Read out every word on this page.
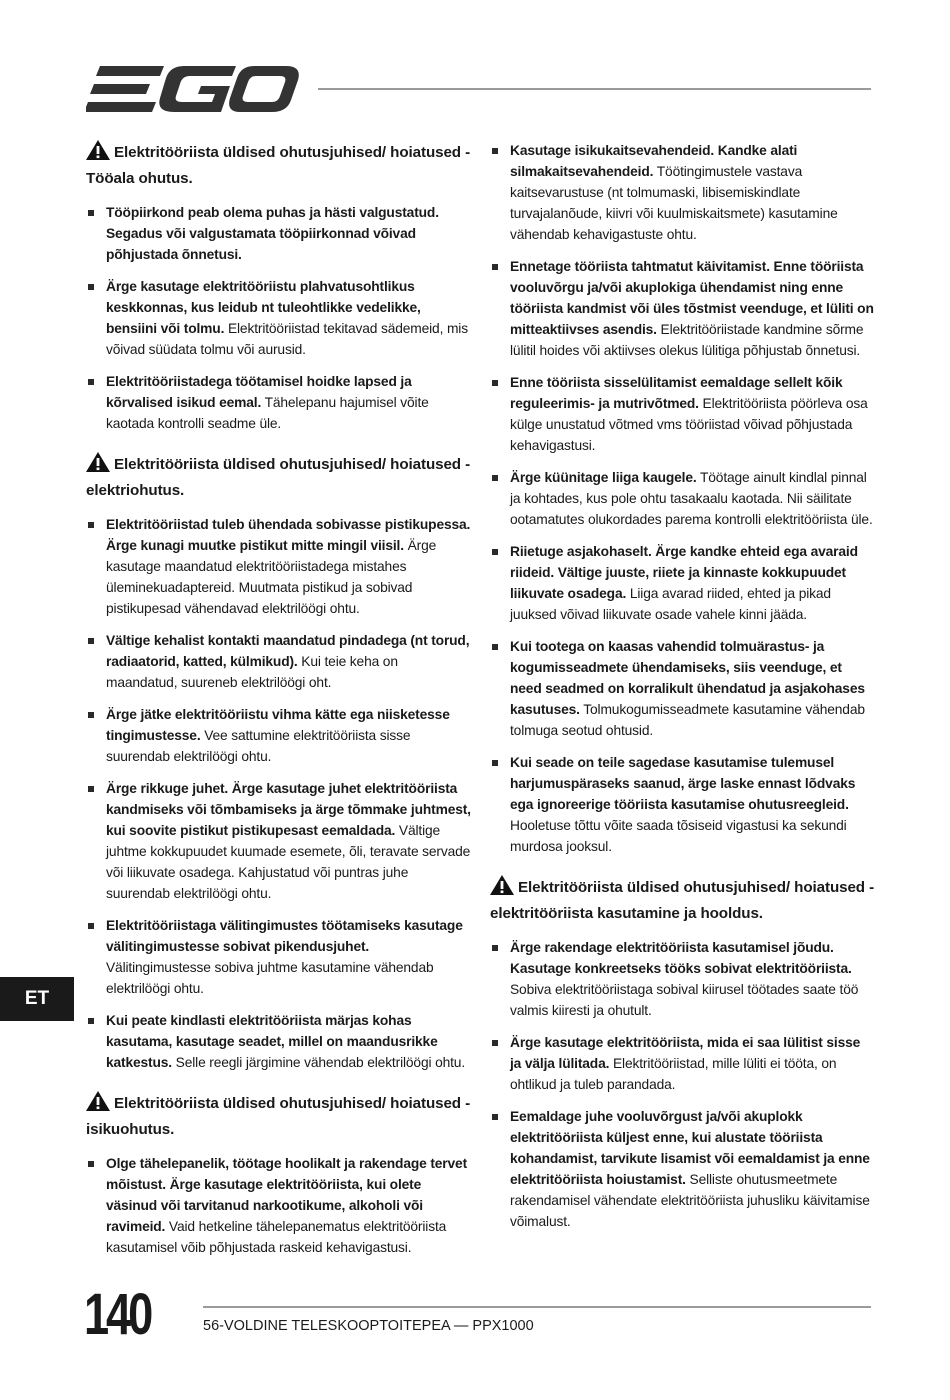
Elektritööriista üldised ohutusjuhised/ hoiatused - Tööala ohutus.
Tööpiirkond peab olema puhas ja hästi valgustatud. Segadus või valgustamata tööpiirkonnad võivad põhjustada õnnetusi.
Ärge kasutage elektritööriistu plahvatusohtlikus keskkonnas, kus leidub nt tuleohtlikke vedelikke, bensiini või tolmu. Elektritööriistad tekitavad sädemeid, mis võivad süüdata tolmu või aurusid.
Elektritööriistadega töötamisel hoidke lapsed ja kõrvalised isikud eemal. Tähelepanu hajumisel võite kaotada kontrolli seadme üle.
Elektritööriista üldised ohutusjuhised/ hoiatused - elektriohutus.
Elektritööriistad tuleb ühendada sobivasse pistikupessa. Ärge kunagi muutke pistikut mitte mingil viisil. Ärge kasutage maandatud elektritööriistadega mistahes üleminekuadaptereid. Muutmata pistikud ja sobivad pistikupesad vähendavad elektrilöögi ohtu.
Vältige kehalist kontakti maandatud pindadega (nt torud, radiaatorid, katted, külmikud). Kui teie keha on maandatud, suureneb elektrilöögi oht.
Ärge jätke elektritööriistu vihma kätte ega niisketesse tingimustesse. Vee sattumine elektritööriista sisse suurendab elektrilöögi ohtu.
Ärge rikkuge juhet. Ärge kasutage juhet elektritööriista kandmiseks või tõmbamiseks ja ärge tõmmake juhtmest, kui soovite pistikut pistikupesast eemaldada. Vältige juhtme kokkupuudet kuumade esemete, õli, teravate servade või liikuvate osadega. Kahjustatud või puntras juhe suurendab elektrilöögi ohtu.
Elektritööriistaga välitingimustes töötamiseks kasutage välitingimustesse sobivat pikendusjuhet. Välitingimustesse sobiva juhtme kasutamine vähendab elektrilöögi ohtu.
Kui peate kindlasti elektritööriista märjas kohas kasutama, kasutage seadet, millel on maandusrikke katkestus. Selle reegli järgimine vähendab elektrilöögi ohtu.
Elektritööriista üldised ohutusjuhised/ hoiatused - isikuohutus.
Olge tähelepanelik, töötage hoolikalt ja rakendage tervet mõistust. Ärge kasutage elektritööriista, kui olete väsinud või tarvitanud narkootikume, alkoholi või ravimeid. Vaid hetkeline tähelepanematus elektritööriista kasutamisel võib põhjustada raskeid kehavigastusi.
Kasutage isikukaitsevahendeid. Kandke alati silmakaitsevahendeid. Töötingimustele vastava kaitsevarustuse (nt tolmumaski, libisemiskindlate turvajalanõude, kiivri või kuulmiskaitsmete) kasutamine vähendab kehavigastuste ohtu.
Ennetage tööriista tahtmatut käivitamist. Enne tööriista vooluvõrgu ja/või akuplokiga ühendamist ning enne tööriista kandmist või üles tõstmist veenduge, et lüliti on mitteaktiivses asendis. Elektritööriistade kandmine sõrme lülitil hoides või aktiivses olekus lülitiga põhjustab õnnetusi.
Enne tööriista sisselülitamist eemaldage sellelt kõik reguleerimis- ja mutrivõtmed. Elektritööriista pöörleva osa külge unustatud võtmed vms tööriistad võivad põhjustada kehavigastusi.
Ärge küünitage liiga kaugele. Töötage ainult kindlal pinnal ja kohtades, kus pole ohtu tasakaalu kaotada. Nii säilitate ootamatutes olukordades parema kontrolli elektritööriista üle.
Riietuge asjakohaselt. Ärge kandke ehteid ega avaraid riideid. Vältige juuste, riiete ja kinnaste kokkupuudet liikuvate osadega. Liiga avarad riided, ehted ja pikad juuksed võivad liikuvate osade vahele kinni jääda.
Kui tootega on kaasas vahendid tolmuärastus- ja kogumisseadmete ühendamiseks, siis veenduge, et need seadmed on korralikult ühendatud ja asjakohases kasutuses. Tolmukogumisseadmete kasutamine vähendab tolmuga seotud ohtusid.
Kui seade on teile sagedase kasutamise tulemusel harjumuspäraseks saanud, ärge laske ennast lõdvaks ega ignoreerige tööriista kasutamise ohutusreegleid. Hooletuse tõttu võite saada tõsiseid vigastusi ka sekundi murdosa jooksul.
Elektritööriista üldised ohutusjuhised/ hoiatused - elektritööriista kasutamine ja hooldus.
Ärge rakendage elektritööriista kasutamisel jõudu. Kasutage konkreetseks tööks sobivat elektritööriista. Sobiva elektritööriistaga sobival kiirusel töötades saate töö valmis kiiresti ja ohutult.
Ärge kasutage elektritööriista, mida ei saa lülitist sisse ja välja lülitada. Elektritööriistad, mille lüliti ei tööta, on ohtlikud ja tuleb parandada.
Eemaldage juhe vooluvõrgust ja/või akuplokk elektritööriista küljest enne, kui alustate tööriista kohandamist, tarvikute lisamist või eemaldamist ja enne elektritööriista hoiustamist. Selliste ohutusmeetmete rakendamisel vähendate elektritööriista juhusliku käivitamise võimalust.
ET
140	56-VOLDINE TELESKOOPTOITEPEA — PPX1000
